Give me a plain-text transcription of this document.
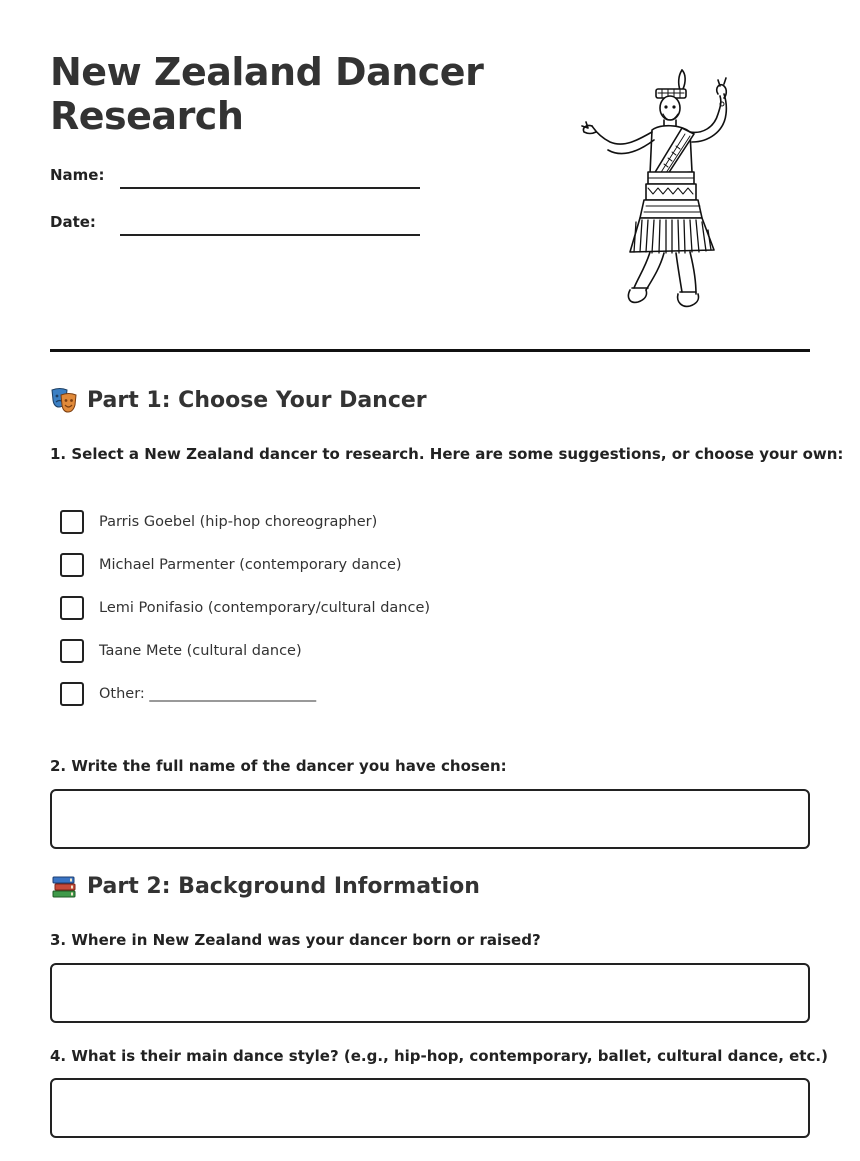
New Zealand Dancer Research
Name:
Date:
Part 1: Choose Your Dancer
1. Select a New Zealand dancer to research. Here are some suggestions, or choose your own:
Parris Goebel (hip-hop choreographer)
Michael Parmenter (contemporary dance)
Lemi Ponifasio (contemporary/cultural dance)
Taane Mete (cultural dance)
Other: _______________________
2. Write the full name of the dancer you have chosen:
Part 2: Background Information
3. Where in New Zealand was your dancer born or raised?
4. What is their main dance style? (e.g., hip-hop, contemporary, ballet, cultural dance, etc.)
